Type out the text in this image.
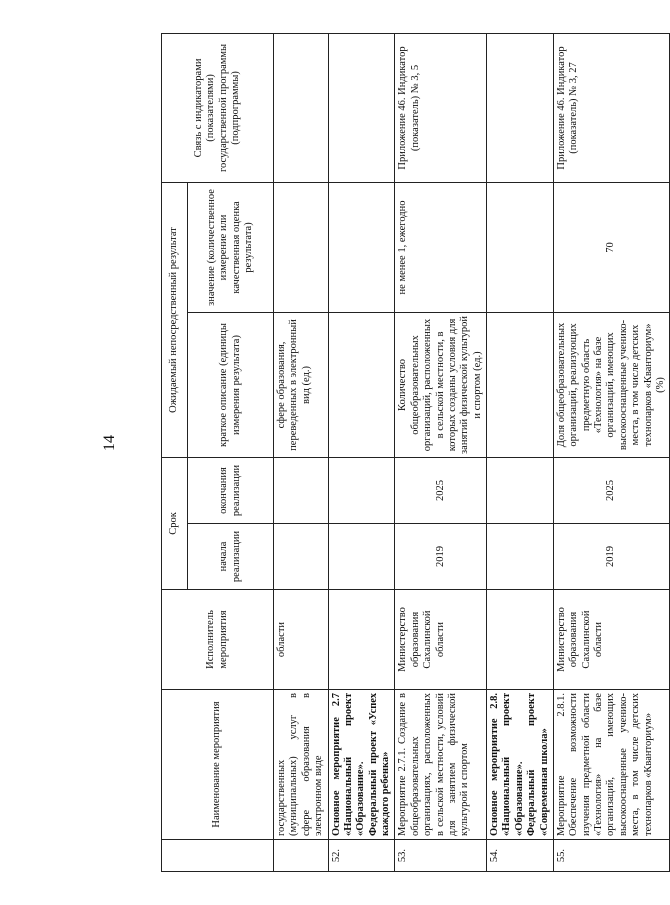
14
	Наименование мероприятия	Исполнитель мероприятия	Срок		Ожидаемый непосредственный результат		Связь с индикаторами (показателями) государственной программы (подпрограммы)
			начала реализации	окончания реализации	краткое описание (единицы измерения результата)	значение (количественное измерение или качественная оценка результата)	

	государственных (муниципальных) услуг в сфере образования в электронном виде	области			сфере образования, переведенных в электронный вид (ед.)		
52.	Основное мероприятие 2.7 «Национальный проект «Образование». Федеральный проект «Успех каждого ребенка»						
53.	Мероприятие 2.7.1. Создание в общеобразовательных организациях, расположенных в сельской местности, условий для занятием физической культурой и спортом	Министерство образования Сахалинской области	2019	2025	Количество общеобразовательных организаций, расположенных в сельской местности, в которых созданы условия для занятий физической культурой и спортом (ед.)	не менее 1, ежегодно	Приложение 46. Индикатор (показатель) № 3, 5
54.	Основное мероприятие 2.8. «Национальный проект «Образование». Федеральный проект «Современная школа»						
55.	Мероприятие 2.8.1. Обеспечение возможности изучения предметной области «Технология» на базе организаций, имеющих высокооснащенные ученико-места, в том числе детских технопарков «Кванториум»	Министерство образования Сахалинской области	2019	2025	Доля общеобразовательных организаций, реализующих предметную область «Технология» на базе организаций, имеющих высокооснащенные ученико-места, в том числе детских технопарков «Кванториум» (%)	70	Приложение 46. Индикатор (показатель) № 3, 27
